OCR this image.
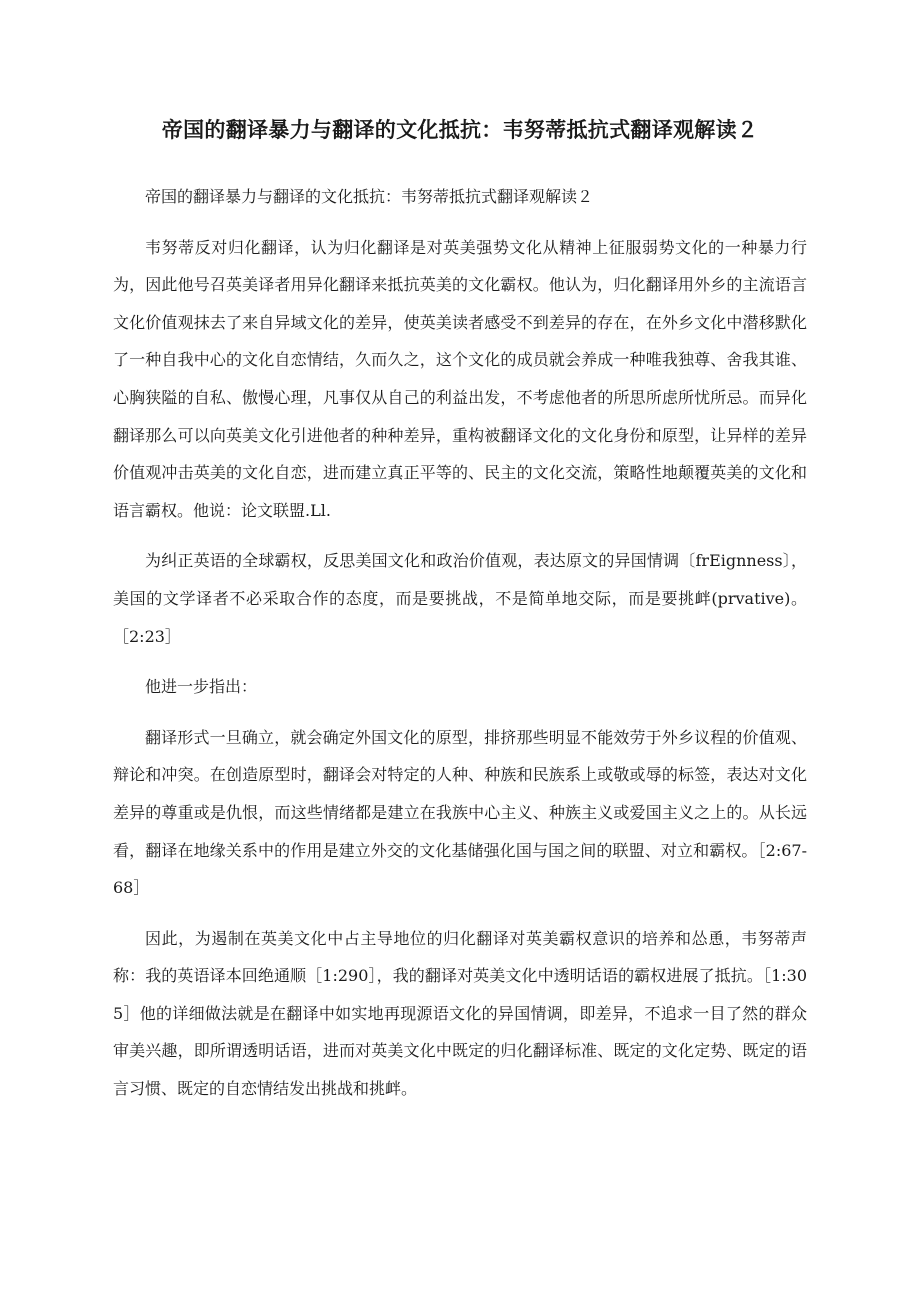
帝国的翻译暴力与翻译的文化抵抗：韦努蒂抵抗式翻译观解读２

帝国的翻译暴力与翻译的文化抵抗：韦努蒂抵抗式翻译观解读２

韦努蒂反对归化翻译，认为归化翻译是对英美强势文化从精神上征服弱势文化的一种暴力行为，因此他号召英美译者用异化翻译来抵抗英美的文化霸权。他认为，归化翻译用外乡的主流语言文化价值观抹去了来自异域文化的差异，使英美读者感受不到差异的存在，在外乡文化中潜移默化了一种自我中心的文化自恋情结，久而久之，这个文化的成员就会养成一种唯我独尊、舍我其谁、心胸狭隘的自私、傲慢心理，凡事仅从自己的利益出发，不考虑他者的所思所虑所忧所忌。而异化翻译那么可以向英美文化引进他者的种种差异，重构被翻译文化的文化身份和原型，让异样的差异价值观冲击英美的文化自恋，进而建立真正平等的、民主的文化交流，策略性地颠覆英美的文化和语言霸权。他说：论文联盟.Ll.

为纠正英语的全球霸权，反思美国文化和政治价值观，表达原文的异国情调〔frEignness〕，美国的文学译者不必采取合作的态度，而是要挑战，不是简单地交际，而是要挑衅(prvative)。［2:23］

他进一步指出：

翻译形式一旦确立，就会确定外国文化的原型，排挤那些明显不能效劳于外乡议程的价值观、辩论和冲突。在创造原型时，翻译会对特定的人种、种族和民族系上或敬或辱的标签，表达对文化差异的尊重或是仇恨，而这些情绪都是建立在我族中心主义、种族主义或爱国主义之上的。从长远看，翻译在地缘关系中的作用是建立外交的文化基储强化国与国之间的联盟、对立和霸权。［2:67-68］

因此，为遏制在英美文化中占主导地位的归化翻译对英美霸权意识的培养和怂恿，韦努蒂声称：我的英语译本回绝通顺［1:290］，我的翻译对英美文化中透明话语的霸权进展了抵抗。［1:305］他的详细做法就是在翻译中如实地再现源语文化的异国情调，即差异，不追求一目了然的群众审美兴趣，即所谓透明话语，进而对英美文化中既定的归化翻译标准、既定的文化定势、既定的语言习惯、既定的自恋情结发出挑战和挑衅。
